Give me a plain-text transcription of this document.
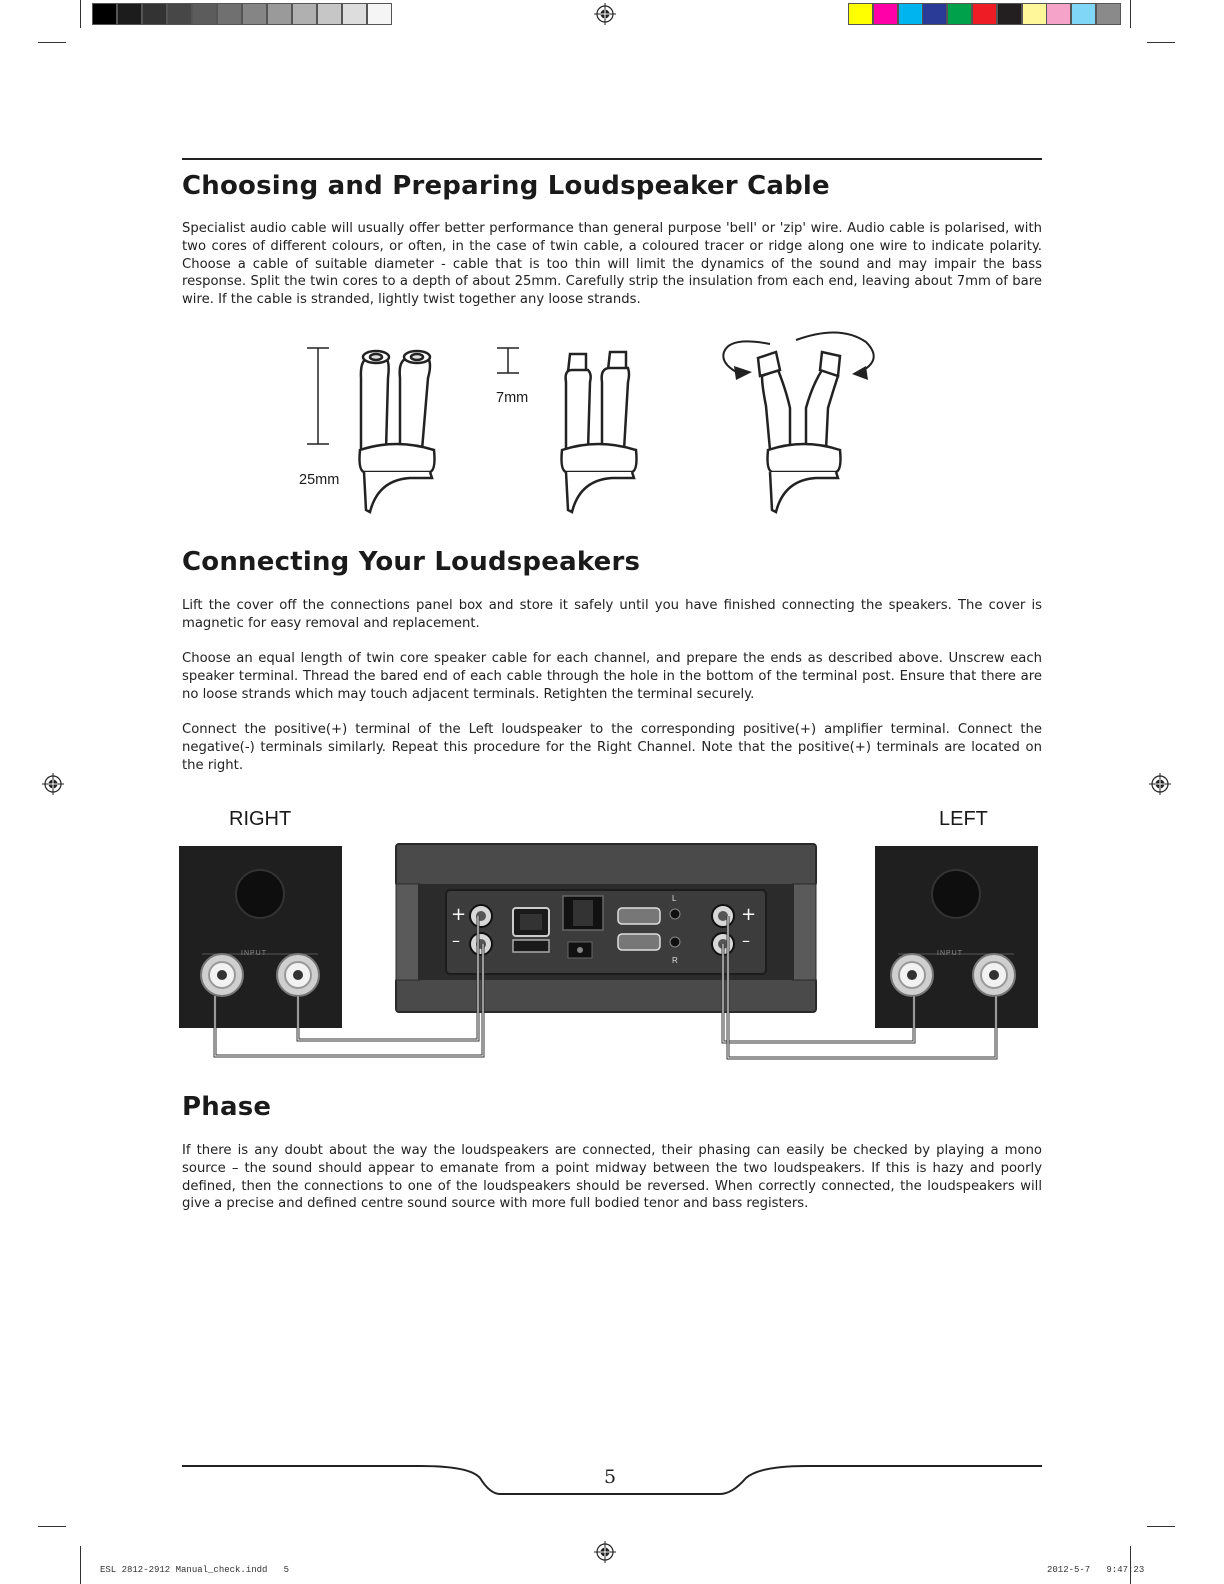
Choosing and Preparing Loudspeaker Cable

Specialist audio cable will usually offer better performance than general purpose 'bell' or 'zip' wire. Audio cable is polarised, with two cores of different colours, or often, in the case of twin cable, a coloured tracer or ridge along one wire to indicate polarity. Choose a cable of suitable diameter - cable that is too thin will limit the dynamics of the sound and may impair the bass response. Split the twin cores to a depth of about 25mm. Carefully strip the insulation from each end, leaving about 7mm of bare wire. If the cable is stranded, lightly twist together any loose strands.

25mm
7mm
Connecting Your Loudspeakers

Lift the cover off the connections panel box and store it safely until you have finished connecting the speakers. The cover is magnetic for easy removal and replacement.

Choose an equal length of twin core speaker cable for each channel, and prepare the ends as described above. Unscrew each speaker terminal. Thread the bared end of each cable through the hole in the bottom of the terminal post. Ensure that there are no loose strands which may touch adjacent terminals. Retighten the terminal securely.

Connect the positive(+) terminal of the Left loudspeaker to the corresponding positive(+) amplifier terminal. Connect the negative(-) terminals similarly. Repeat this procedure for the Right Channel. Note that the positive(+) terminals are located on the right.

RIGHT	LEFT
INPUT	INPUT
+
–
+
–
L
R
Phase

If there is any doubt about the way the loudspeakers are connected, their phasing can easily be checked by playing a mono source – the sound should appear to emanate from a point midway between the two loudspeakers. If this is hazy and poorly defined, then the connections to one of the loudspeakers should be reversed. When correctly connected, the loudspeakers will give a precise and defined centre sound source with more full bodied tenor and bass registers.

5
ESL 2812-2912 Manual_check.indd   5	2012-5-7   9:47:23
